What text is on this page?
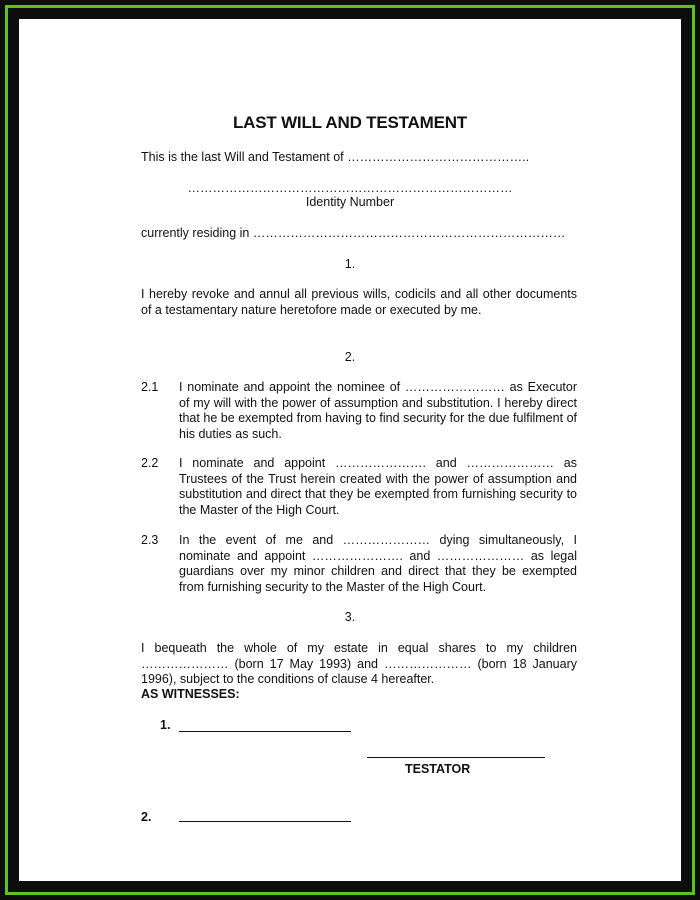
LAST WILL AND TESTAMENT
This is the last Will and Testament of ……………………………………..
……………………………………………………………………
Identity Number
currently residing in …………………………………………………………………
1.
I hereby revoke and annul all previous wills, codicils and all other documents of a testamentary nature heretofore made or executed by me.
2.
2.1 I nominate and appoint the nominee of …………………… as Executor of my will with the power of assumption and substitution. I hereby direct that he be exempted from having to find security for the due fulfilment of his duties as such.
2.2 I nominate and appoint …………………. and ………………… as Trustees of the Trust herein created with the power of assumption and substitution and direct that they be exempted from furnishing security to the Master of the High Court.
2.3 In the event of me and ………………… dying simultaneously, I nominate and appoint …………………. and ………………… as legal guardians over my minor children and direct that they be exempted from furnishing security to the Master of the High Court.
3.
I bequeath the whole of my estate in equal shares to my children ………………… (born 17 May 1993) and ………………… (born 18 January 1996), subject to the conditions of clause 4 hereafter.
AS WITNESSES:
1.
TESTATOR
2.
